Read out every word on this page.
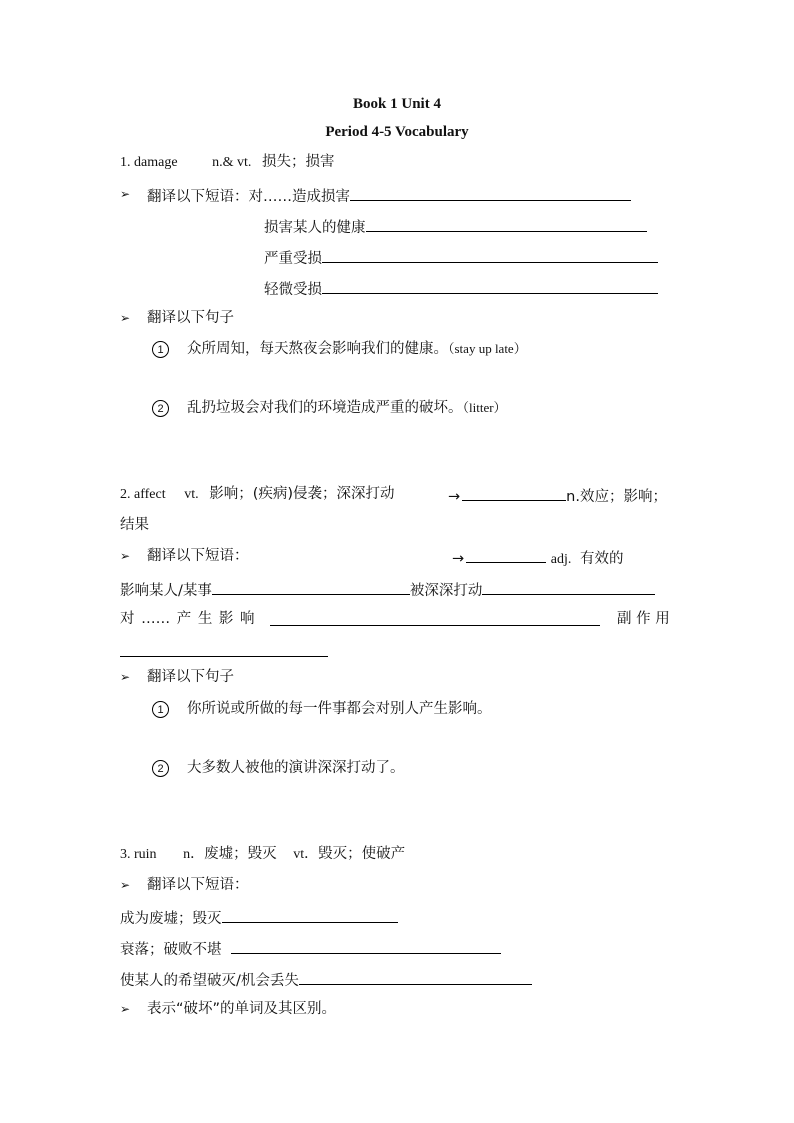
Book 1 Unit 4
Period 4-5 Vocabulary
1. damage n.& vt. 损失；损害
➢ 翻译以下短语：对……造成损害
损害某人的健康
严重受损
轻微受损
➢ 翻译以下句子
1	众所周知，每天熬夜会影响我们的健康。（stay up late）
2	乱扔垃圾会对我们的环境造成严重的破坏。（litter）
2. affect vt. 影响；(疾病)侵袭；深深打动	→	n.效应；影响；
结果
➢ 翻译以下短语：	→	adj. 有效的
影响某人/某事	被深深打动
对 …… 产 生 影 响	副 作 用
➢ 翻译以下句子
1	你所说或所做的每一件事都会对别人产生影响。
2	大多数人被他的演讲深深打动了。
3. ruin n．废墟；毁灭 vt．毁灭；使破产
➢ 翻译以下短语：
成为废墟；毁灭
衰落；破败不堪
使某人的希望破灭/机会丢失
➢ 表示“破坏”的单词及其区别。
